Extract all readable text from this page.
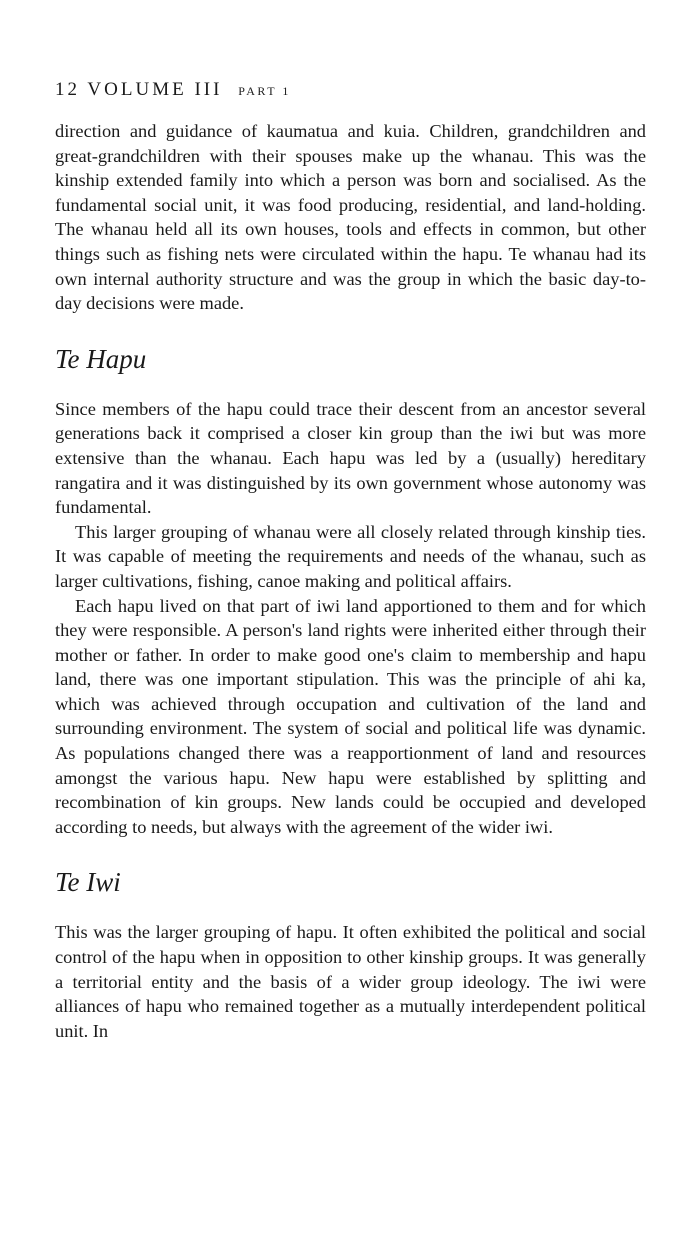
12 VOLUME III PART 1

direction and guidance of kaumatua and kuia. Children, grandchildren and great-grandchildren with their spouses make up the whanau. This was the kinship extended family into which a person was born and socialised. As the fundamental social unit, it was food producing, residential, and land-holding. The whanau held all its own houses, tools and effects in common, but other things such as fishing nets were circulated within the hapu. Te whanau had its own internal authority structure and was the group in which the basic day-to-day decisions were made.

Te Hapu

Since members of the hapu could trace their descent from an ancestor several generations back it comprised a closer kin group than the iwi but was more extensive than the whanau. Each hapu was led by a (usually) hereditary rangatira and it was distinguished by its own government whose autonomy was fundamental.

This larger grouping of whanau were all closely related through kinship ties. It was capable of meeting the requirements and needs of the whanau, such as larger cultivations, fishing, canoe making and political affairs.

Each hapu lived on that part of iwi land apportioned to them and for which they were responsible. A person's land rights were inherited either through their mother or father. In order to make good one's claim to membership and hapu land, there was one important stipulation. This was the principle of ahi ka, which was achieved through occupation and cultivation of the land and surrounding environment. The system of social and political life was dynamic. As populations changed there was a reapportionment of land and resources amongst the various hapu. New hapu were established by splitting and recombination of kin groups. New lands could be occupied and developed according to needs, but always with the agreement of the wider iwi.

Te Iwi

This was the larger grouping of hapu. It often exhibited the political and social control of the hapu when in opposition to other kinship groups. It was generally a territorial entity and the basis of a wider group ideology. The iwi were alliances of hapu who remained together as a mutually interdependent political unit. In
